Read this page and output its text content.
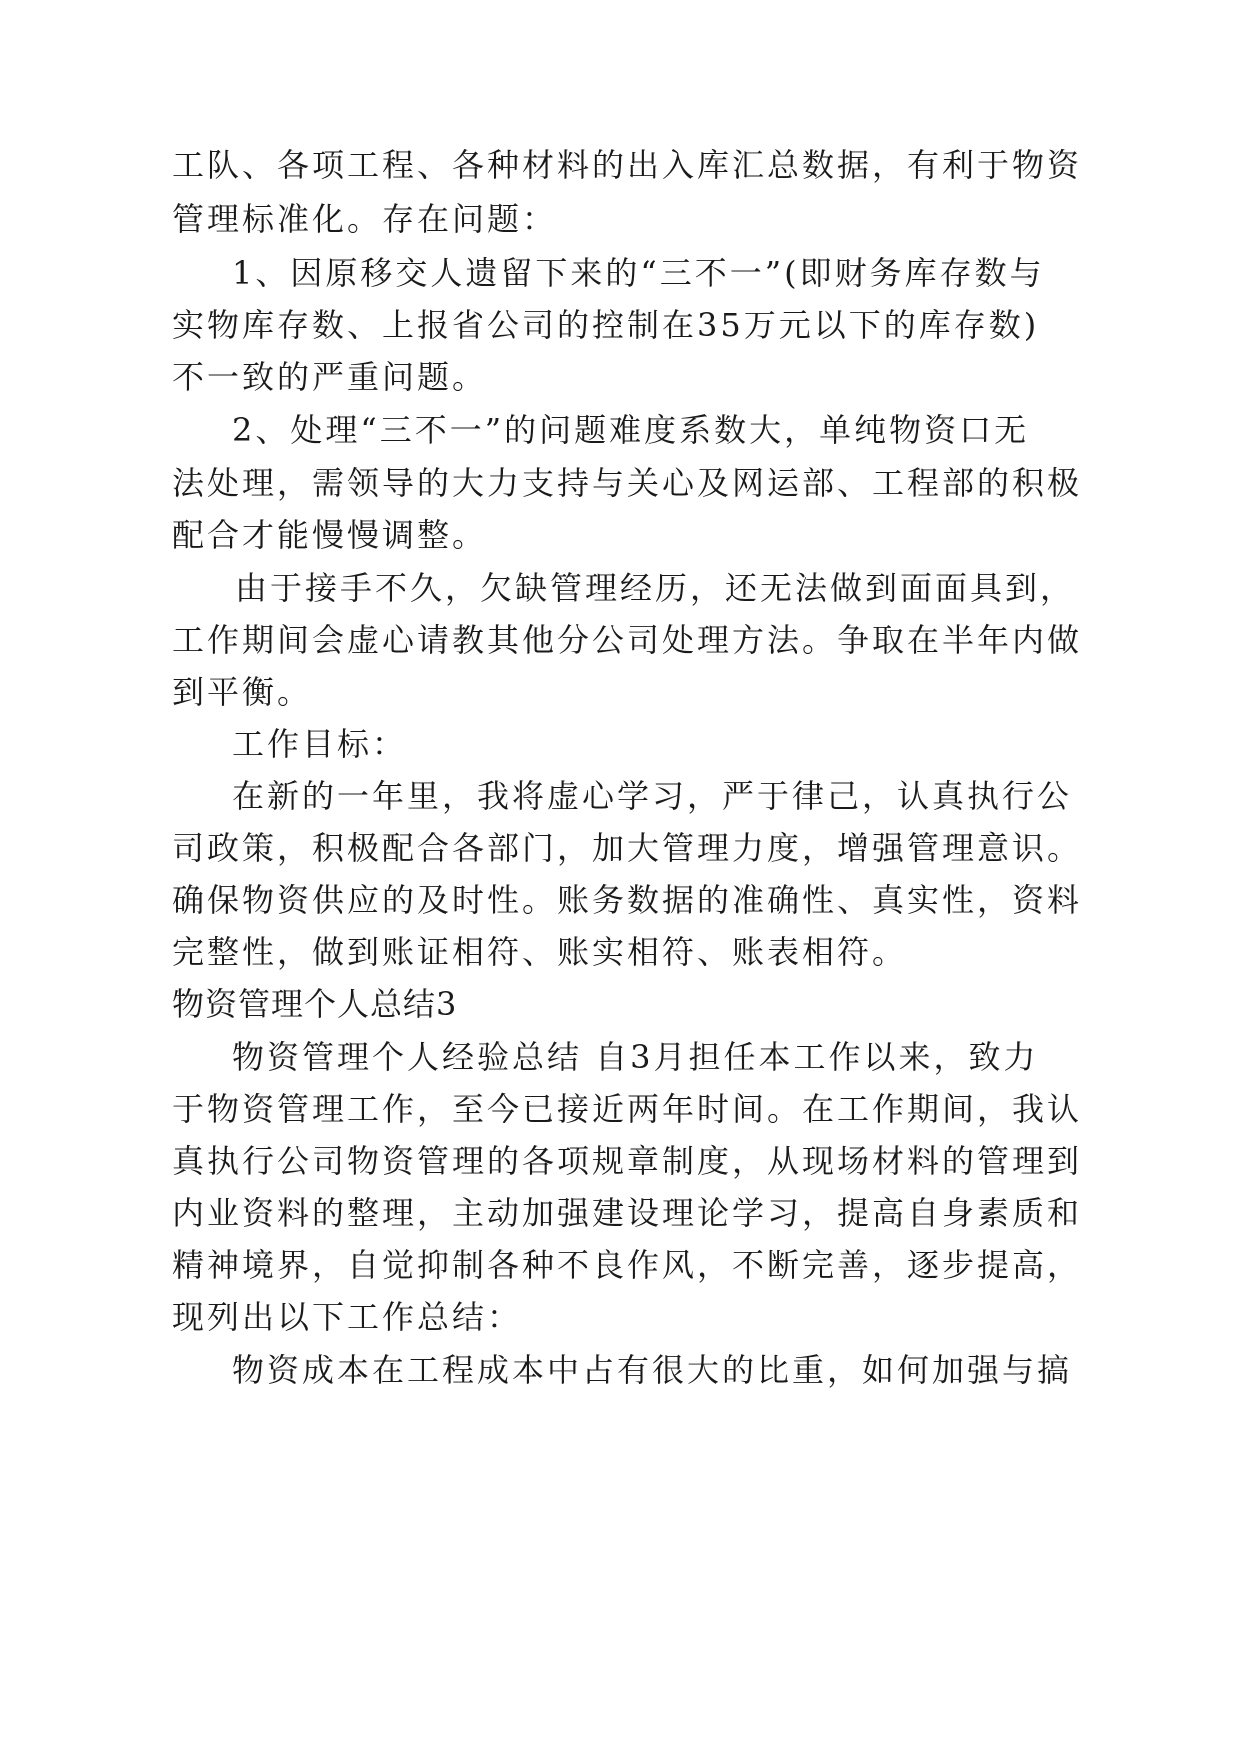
工队、各项工程、各种材料的出入库汇总数据，有利于物资
管理标准化。存在问题：
1、因原移交人遗留下来的“三不一”(即财务库存数与
实物库存数、上报省公司的控制在35万元以下的库存数)
不一致的严重问题。
2、处理“三不一”的问题难度系数大，单纯物资口无
法处理，需领导的大力支持与关心及网运部、工程部的积极
配合才能慢慢调整。
由于接手不久，欠缺管理经历，还无法做到面面具到，
工作期间会虚心请教其他分公司处理方法。争取在半年内做
到平衡。
工作目标：
在新的一年里，我将虚心学习，严于律己，认真执行公
司政策，积极配合各部门，加大管理力度，增强管理意识。
确保物资供应的及时性。账务数据的准确性、真实性，资料
完整性，做到账证相符、账实相符、账表相符。
物资管理个人总结3
物资管理个人经验总结 自3月担任本工作以来，致力
于物资管理工作，至今已接近两年时间。在工作期间，我认
真执行公司物资管理的各项规章制度，从现场材料的管理到
内业资料的整理，主动加强建设理论学习，提高自身素质和
精神境界，自觉抑制各种不良作风，不断完善，逐步提高，
现列出以下工作总结：
物资成本在工程成本中占有很大的比重，如何加强与搞
